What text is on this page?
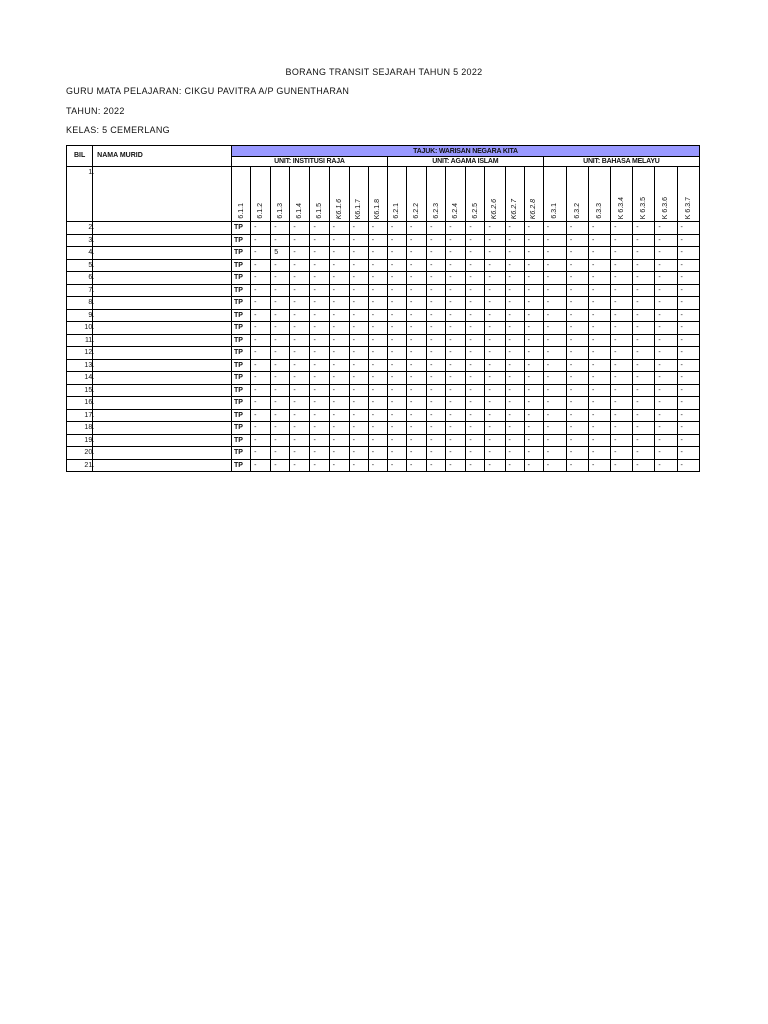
BORANG TRANSIT SEJARAH TAHUN 5 2022
GURU MATA PELAJARAN: CIKGU PAVITRA A/P GUNENTHARAN
TAHUN: 2022
KELAS: 5 CEMERLANG
BIL	NAMA MURID	TAJUK: WARISAN NEGARA KITA																						
		UNIT: INSTITUSI RAJA								UNIT: AGAMA ISLAM								UNIT: BAHASA MELAYU						
1.		6.1.1	6.1.2	6.1.3	6.1.4	6.1.5	K6.1.6	K6.1.7	K6.1.8	6.2.1	6.2.2	6.2.3	6.2.4	6.2.5	K6.2.6	K6.2.7	K6.2.8	6.3.1	6.3.2	6.3.3	K 6.3.4	K 6.3.5	K 6.3.6	K 6.3.7
2.		TP	-	-	-	-	-	-	-	-	-	-	-	-	-	-	-	-	-	-	-	-	-	-
3.		TP	-	-	-	-	-	-	-	-	-	-	-	-	-	-	-	-	-	-	-	-	-	-
4.		TP	-	5	-	-	-	-	-	-	-	-	-	-	-	-	-	-	-	-	-	-	-	-
5.		TP	-	-	-	-	-	-	-	-	-	-	-	-	-	-	-	-	-	-	-	-	-	-
6.		TP	-	-	-	-	-	-	-	-	-	-	-	-	-	-	-	-	-	-	-	-	-	-
7.		TP	-	-	-	-	-	-	-	-	-	-	-	-	-	-	-	-	-	-	-	-	-	-
8.		TP	-	-	-	-	-	-	-	-	-	-	-	-	-	-	-	-	-	-	-	-	-	-
9.		TP	-	-	-	-	-	-	-	-	-	-	-	-	-	-	-	-	-	-	-	-	-	-
10.		TP	-	-	-	-	-	-	-	-	-	-	-	-	-	-	-	-	-	-	-	-	-	-
11.		TP	-	-	-	-	-	-	-	-	-	-	-	-	-	-	-	-	-	-	-	-	-	-
12.		TP	-	-	-	-	-	-	-	-	-	-	-	-	-	-	-	-	-	-	-	-	-	-
13.		TP	-	-	-	-	-	-	-	-	-	-	-	-	-	-	-	-	-	-	-	-	-	-
14.		TP	-	-	-	-	-	-	-	-	-	-	-	-	-	-	-	-	-	-	-	-	-	-
15.		TP	-	-	-	-	-	-	-	-	-	-	-	-	-	-	-	-	-	-	-	-	-	-
16.		TP	-	-	-	-	-	-	-	-	-	-	-	-	-	-	-	-	-	-	-	-	-	-
17.		TP	-	-	-	-	-	-	-	-	-	-	-	-	-	-	-	-	-	-	-	-	-	-
18.		TP	-	-	-	-	-	-	-	-	-	-	-	-	-	-	-	-	-	-	-	-	-	-
19.		TP	-	-	-	-	-	-	-	-	-	-	-	-	-	-	-	-	-	-	-	-	-	-
20.		TP	-	-	-	-	-	-	-	-	-	-	-	-	-	-	-	-	-	-	-	-	-	-
21.		TP	-	-	-	-	-	-	-	-	-	-	-	-	-	-	-	-	-	-	-	-	-	-
